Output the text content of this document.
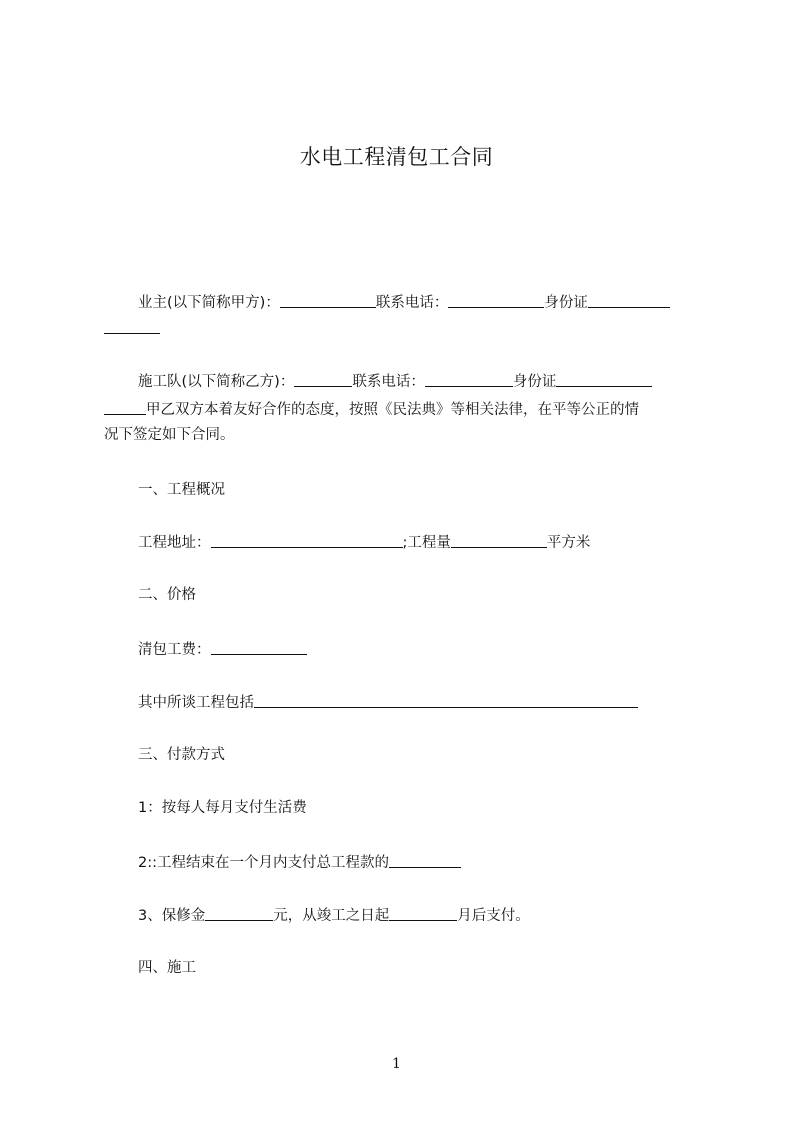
水电工程清包工合同
业主(以下简称甲方)：	联系电话：	身份证
施工队(以下简称乙方)：	联系电话：	身份证
甲乙双方本着友好合作的态度，按照《民法典》等相关法律，在平等公正的情
况下签定如下合同。
一、工程概况
工程地址：	;工程量	平方米
二、价格
清包工费：
其中所谈工程包括
三、付款方式
1：按每人每月支付生活费
2::工程结束在一个月内支付总工程款的
3、保修金	元，从竣工之日起	月后支付。
四、施工
1
